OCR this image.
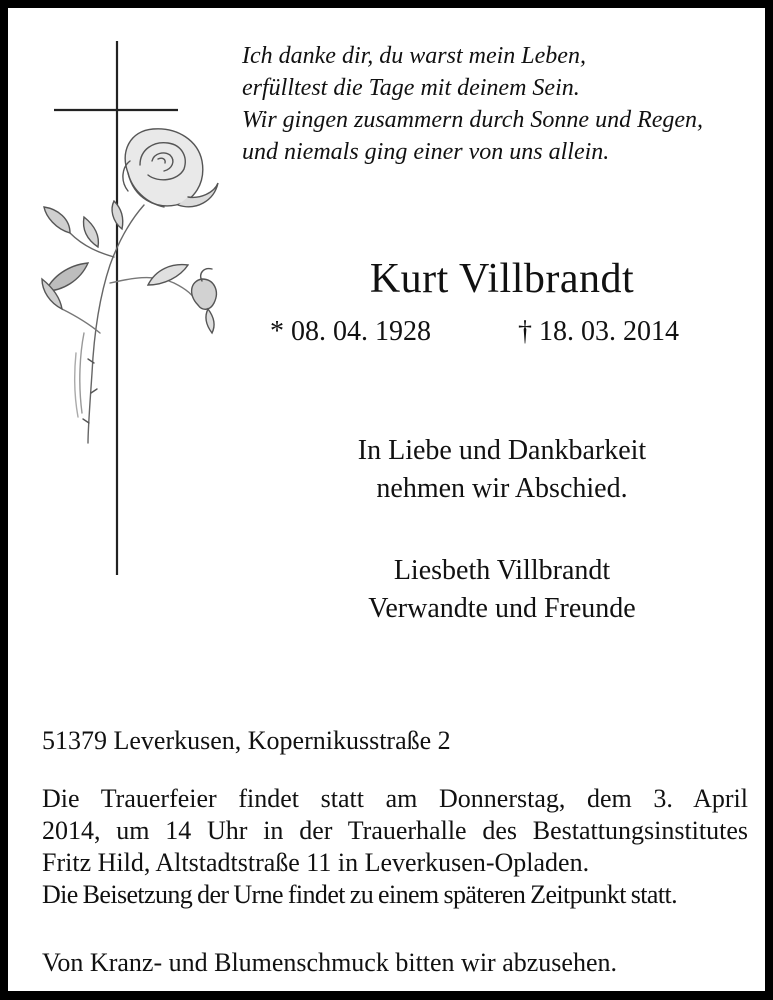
Ich danke dir, du warst mein Leben,
erfülltest die Tage mit deinem Sein.
Wir gingen zusammern durch Sonne und Regen,
und niemals ging einer von uns allein.
Kurt Villbrandt
* 08. 04. 1928	† 18. 03. 2014
In Liebe und Dankbarkeit
nehmen wir Abschied.
Liesbeth Villbrandt
Verwandte und Freunde
51379 Leverkusen, Kopernikusstraße 2
Die Trauerfeier findet statt am Donnerstag, dem 3. April
2014, um 14 Uhr in der Trauerhalle des Bestattungsinstitutes
Fritz Hild, Altstadtstraße 11 in Leverkusen-Opladen.
Die Beisetzung der Urne findet zu einem späteren Zeitpunkt statt.
Von Kranz- und Blumenschmuck bitten wir abzusehen.
